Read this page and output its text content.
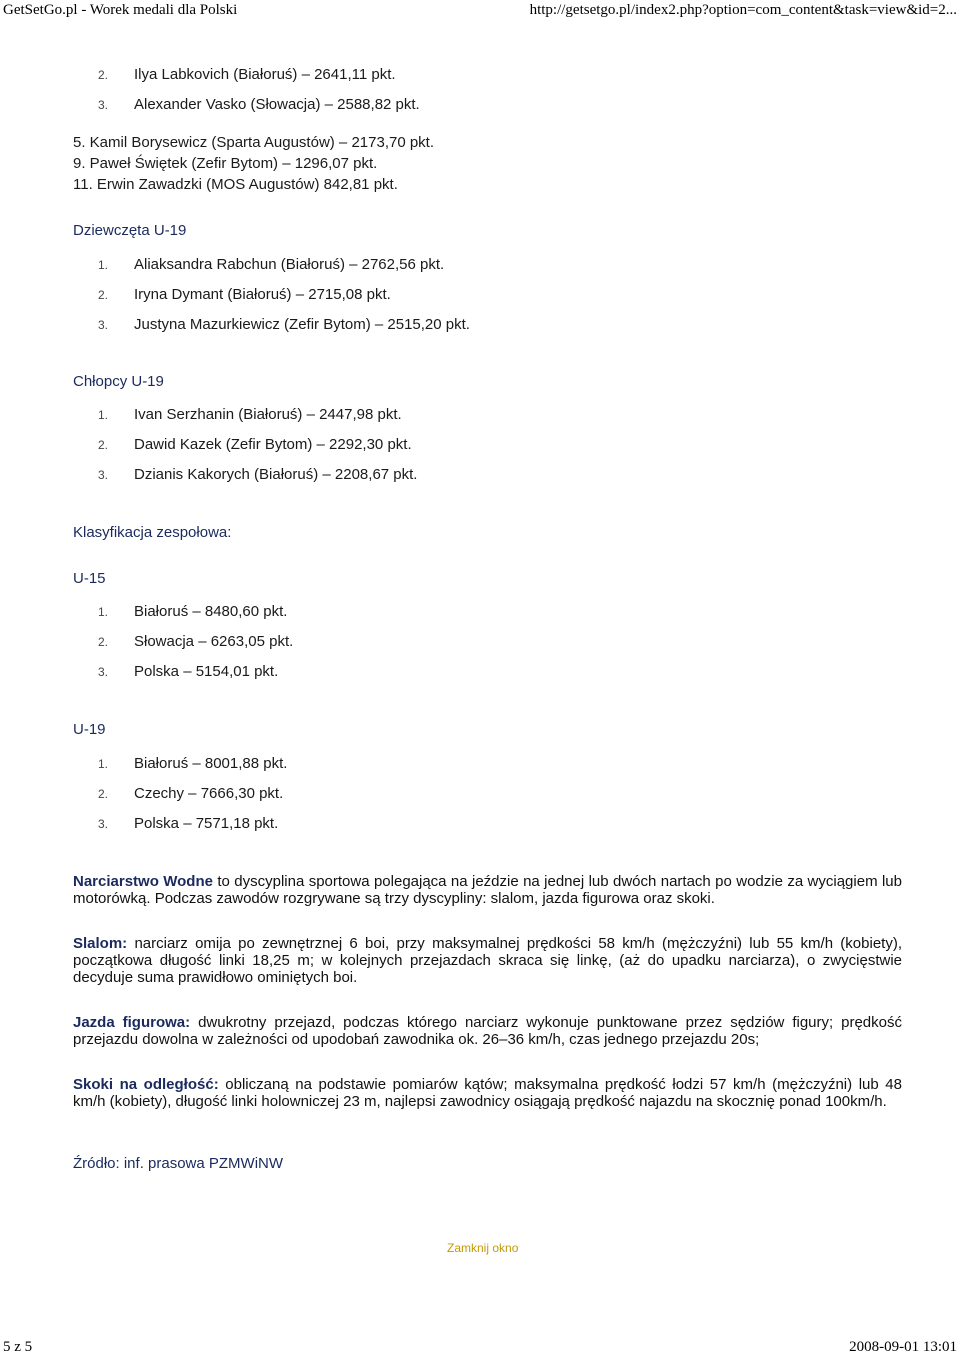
GetSetGo.pl - Worek medali dla Polski	http://getsetgo.pl/index2.php?option=com_content&task=view&id=2...
2. Ilya Labkovich (Białoruś) – 2641,11 pkt.
3. Alexander Vasko (Słowacja) – 2588,82 pkt.
5. Kamil Borysewicz (Sparta Augustów) – 2173,70 pkt.
9. Paweł Świętek (Zefir Bytom) – 1296,07 pkt.
11. Erwin Zawadzki (MOS Augustów) 842,81 pkt.
Dziewczęta U-19
1. Aliaksandra Rabchun (Białoruś) – 2762,56 pkt.
2. Iryna Dymant (Białoruś) – 2715,08 pkt.
3. Justyna Mazurkiewicz (Zefir Bytom) – 2515,20 pkt.
Chłopcy U-19
1. Ivan Serzhanin (Białoruś) – 2447,98 pkt.
2. Dawid Kazek (Zefir Bytom) – 2292,30 pkt.
3. Dzianis Kakorych (Białoruś) – 2208,67 pkt.
Klasyfikacja zespołowa:
U-15
1. Białoruś – 8480,60 pkt.
2. Słowacja – 6263,05 pkt.
3. Polska – 5154,01 pkt.
U-19
1. Białoruś – 8001,88 pkt.
2. Czechy – 7666,30 pkt.
3. Polska – 7571,18 pkt.
Narciarstwo Wodne to dyscyplina sportowa polegająca na jeździe na jednej lub dwóch nartach po wodzie za wyciągiem lub motorówką. Podczas zawodów rozgrywane są trzy dyscypliny: slalom, jazda figurowa oraz skoki.
Slalom: narciarz omija po zewnętrznej 6 boi, przy maksymalnej prędkości 58 km/h (mężczyźni) lub 55 km/h (kobiety), początkowa długość linki 18,25 m; w kolejnych przejazdach skraca się linkę, (aż do upadku narciarza), o zwycięstwie decyduje suma prawidłowo ominiętych boi.
Jazda figurowa: dwukrotny przejazd, podczas którego narciarz wykonuje punktowane przez sędziów figury; prędkość przejazdu dowolna w zależności od upodobań zawodnika ok. 26–36 km/h, czas jednego przejazdu 20s;
Skoki na odległość: obliczaną na podstawie pomiarów kątów; maksymalna prędkość łodzi 57 km/h (mężczyźni) lub 48 km/h (kobiety), długość linki holowniczej 23 m, najlepsi zawodnicy osiągają prędkość najazdu na skocznię ponad 100km/h.
Źródło: inf. prasowa PZMWiNW
Zamknij okno
5 z 5	2008-09-01 13:01
